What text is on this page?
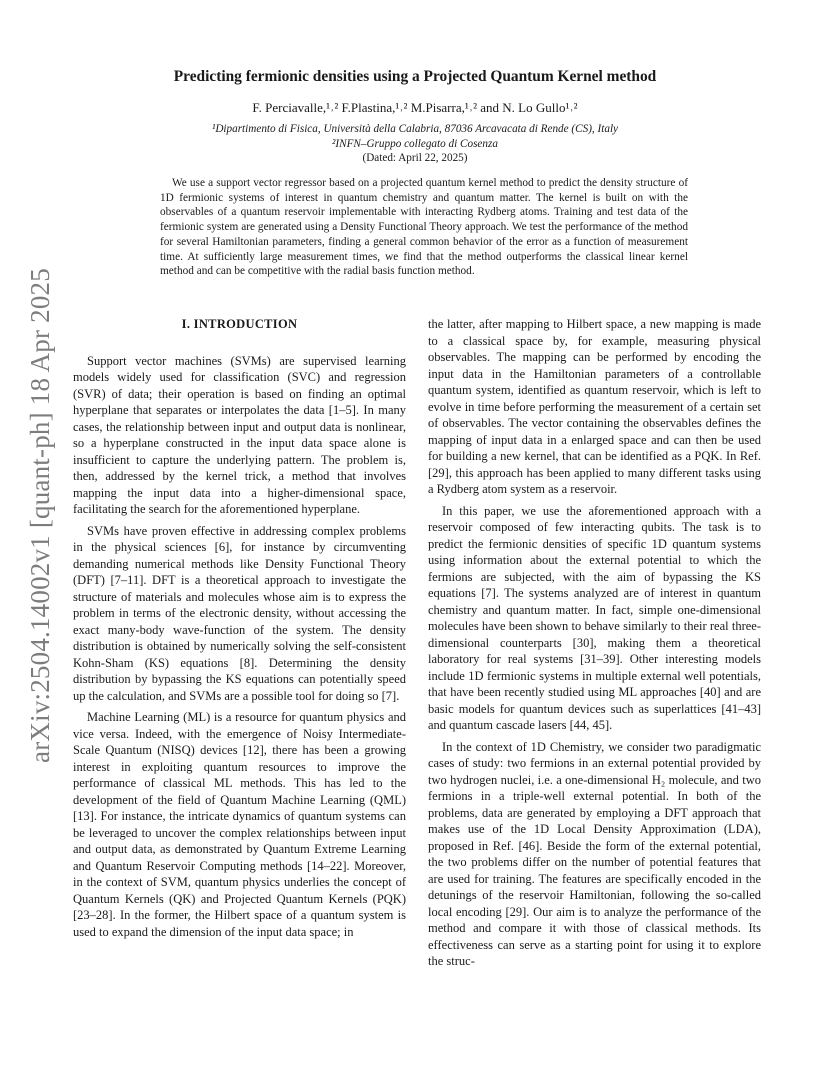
arXiv:2504.14002v1 [quant-ph] 18 Apr 2025
Predicting fermionic densities using a Projected Quantum Kernel method
F. Perciavalle,¹˒² F.Plastina,¹˒² M.Pisarra,¹˒² and N. Lo Gullo¹˒²
¹Dipartimento di Fisica, Università della Calabria, 87036 Arcavacata di Rende (CS), Italy
²INFN–Gruppo collegato di Cosenza
(Dated: April 22, 2025)
We use a support vector regressor based on a projected quantum kernel method to predict the density structure of 1D fermionic systems of interest in quantum chemistry and quantum matter. The kernel is built on with the observables of a quantum reservoir implementable with interacting Rydberg atoms. Training and test data of the fermionic system are generated using a Density Functional Theory approach. We test the performance of the method for several Hamiltonian parameters, finding a general common behavior of the error as a function of measurement time. At sufficiently large measurement times, we find that the method outperforms the classical linear kernel method and can be competitive with the radial basis function method.
I. INTRODUCTION

Support vector machines (SVMs) are supervised learning models widely used for classification (SVC) and regression (SVR) of data; their operation is based on finding an optimal hyperplane that separates or interpolates the data [1–5]. In many cases, the relationship between input and output data is nonlinear, so a hyperplane constructed in the input data space alone is insufficient to capture the underlying pattern. The problem is, then, addressed by the kernel trick, a method that involves mapping the input data into a higher-dimensional space, facilitating the search for the aforementioned hyperplane.

SVMs have proven effective in addressing complex problems in the physical sciences [6], for instance by circumventing demanding numerical methods like Density Functional Theory (DFT) [7–11]. DFT is a theoretical approach to investigate the structure of materials and molecules whose aim is to express the problem in terms of the electronic density, without accessing the exact many-body wave-function of the system. The density distribution is obtained by numerically solving the self-consistent Kohn-Sham (KS) equations [8]. Determining the density distribution by bypassing the KS equations can potentially speed up the calculation, and SVMs are a possible tool for doing so [7].

Machine Learning (ML) is a resource for quantum physics and vice versa. Indeed, with the emergence of Noisy Intermediate-Scale Quantum (NISQ) devices [12], there has been a growing interest in exploiting quantum resources to improve the performance of classical ML methods. This has led to the development of the field of Quantum Machine Learning (QML) [13]. For instance, the intricate dynamics of quantum systems can be leveraged to uncover the complex relationships between input and output data, as demonstrated by Quantum Extreme Learning and Quantum Reservoir Computing methods [14–22]. Moreover, in the context of SVM, quantum physics underlies the concept of Quantum Kernels (QK) and Projected Quantum Kernels (PQK) [23–28]. In the former, the Hilbert space of a quantum system is used to expand the dimension of the input data space; in

the latter, after mapping to Hilbert space, a new mapping is made to a classical space by, for example, measuring physical observables. The mapping can be performed by encoding the input data in the Hamiltonian parameters of a controllable quantum system, identified as quantum reservoir, which is left to evolve in time before performing the measurement of a certain set of observables. The vector containing the observables defines the mapping of input data in a enlarged space and can then be used for building a new kernel, that can be identified as a PQK. In Ref. [29], this approach has been applied to many different tasks using a Rydberg atom system as a reservoir.

In this paper, we use the aforementioned approach with a reservoir composed of few interacting qubits. The task is to predict the fermionic densities of specific 1D quantum systems using information about the external potential to which the fermions are subjected, with the aim of bypassing the KS equations [7]. The systems analyzed are of interest in quantum chemistry and quantum matter. In fact, simple one-dimensional molecules have been shown to behave similarly to their real three-dimensional counterparts [30], making them a theoretical laboratory for real systems [31–39]. Other interesting models include 1D fermionic systems in multiple external well potentials, that have been recently studied using ML approaches [40] and are basic models for quantum devices such as superlattices [41–43] and quantum cascade lasers [44, 45].

In the context of 1D Chemistry, we consider two paradigmatic cases of study: two fermions in an external potential provided by two hydrogen nuclei, i.e. a one-dimensional H₂ molecule, and two fermions in a triple-well external potential. In both of the problems, data are generated by employing a DFT approach that makes use of the 1D Local Density Approximation (LDA), proposed in Ref. [46]. Beside the form of the external potential, the two problems differ on the number of potential features that are used for training. The features are specifically encoded in the detunings of the reservoir Hamiltonian, following the so-called local encoding [29]. Our aim is to analyze the performance of the method and compare it with those of classical methods. Its effectiveness can serve as a starting point for using it to explore the struc-
